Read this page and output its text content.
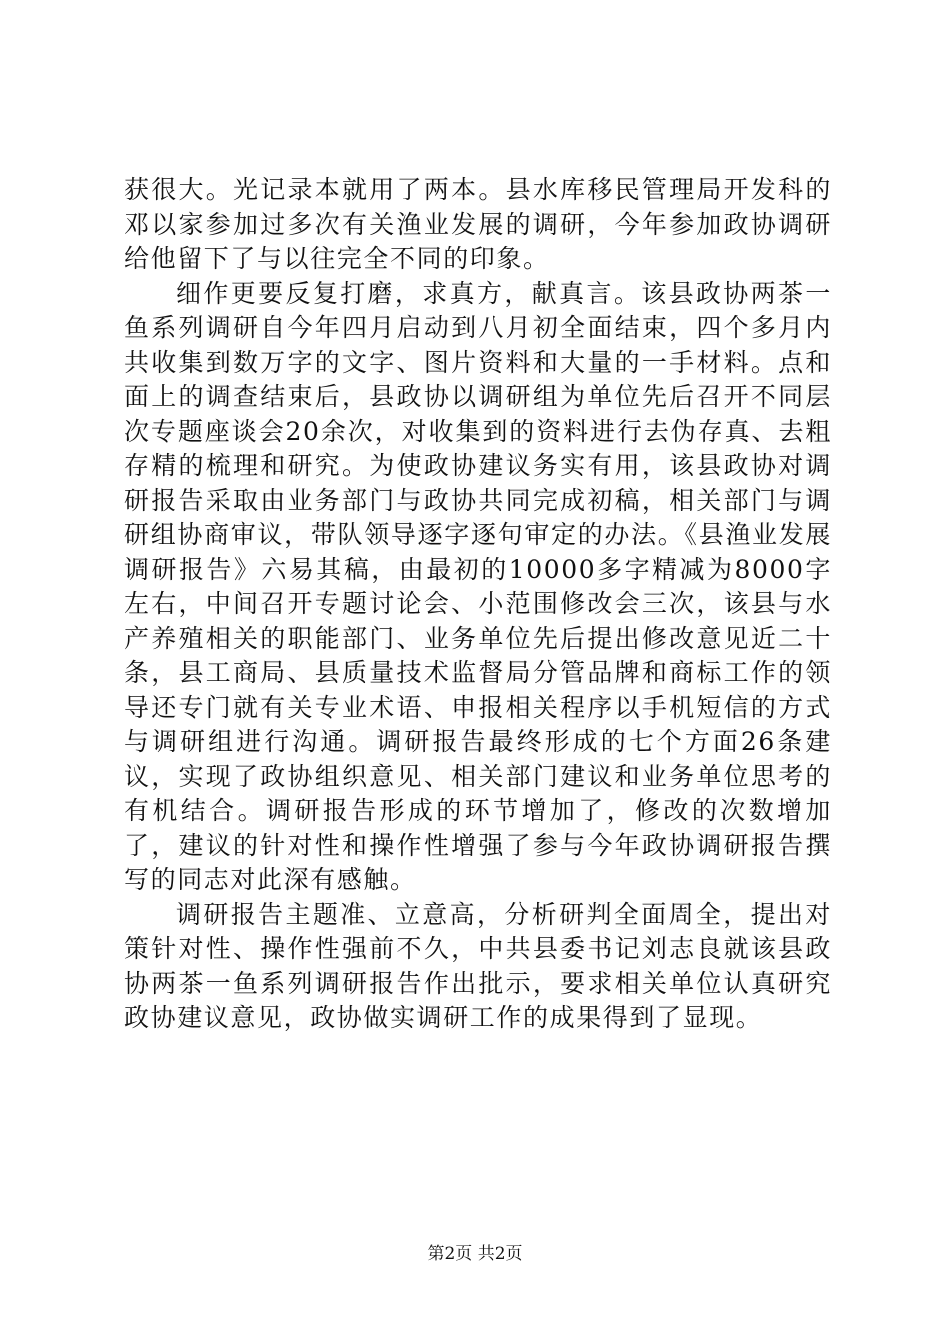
获很大。光记录本就用了两本。县水库移民管理局开发科的邓以家参加过多次有关渔业发展的调研，今年参加政协调研给他留下了与以往完全不同的印象。

细作更要反复打磨，求真方，献真言。该县政协两茶一鱼系列调研自今年四月启动到八月初全面结束，四个多月内共收集到数万字的文字、图片资料和大量的一手材料。点和面上的调查结束后，县政协以调研组为单位先后召开不同层次专题座谈会20余次，对收集到的资料进行去伪存真、去粗存精的梳理和研究。为使政协建议务实有用，该县政协对调研报告采取由业务部门与政协共同完成初稿，相关部门与调研组协商审议，带队领导逐字逐句审定的办法。《县渔业发展调研报告》六易其稿，由最初的10000多字精减为8000字左右，中间召开专题讨论会、小范围修改会三次，该县与水产养殖相关的职能部门、业务单位先后提出修改意见近二十条，县工商局、县质量技术监督局分管品牌和商标工作的领导还专门就有关专业术语、申报相关程序以手机短信的方式与调研组进行沟通。调研报告最终形成的七个方面26条建议，实现了政协组织意见、相关部门建议和业务单位思考的有机结合。调研报告形成的环节增加了，修改的次数增加了，建议的针对性和操作性增强了参与今年政协调研报告撰写的同志对此深有感触。

调研报告主题准、立意高，分析研判全面周全，提出对策针对性、操作性强前不久，中共县委书记刘志良就该县政协两茶一鱼系列调研报告作出批示，要求相关单位认真研究政协建议意见，政协做实调研工作的成果得到了显现。

第2页 共2页
